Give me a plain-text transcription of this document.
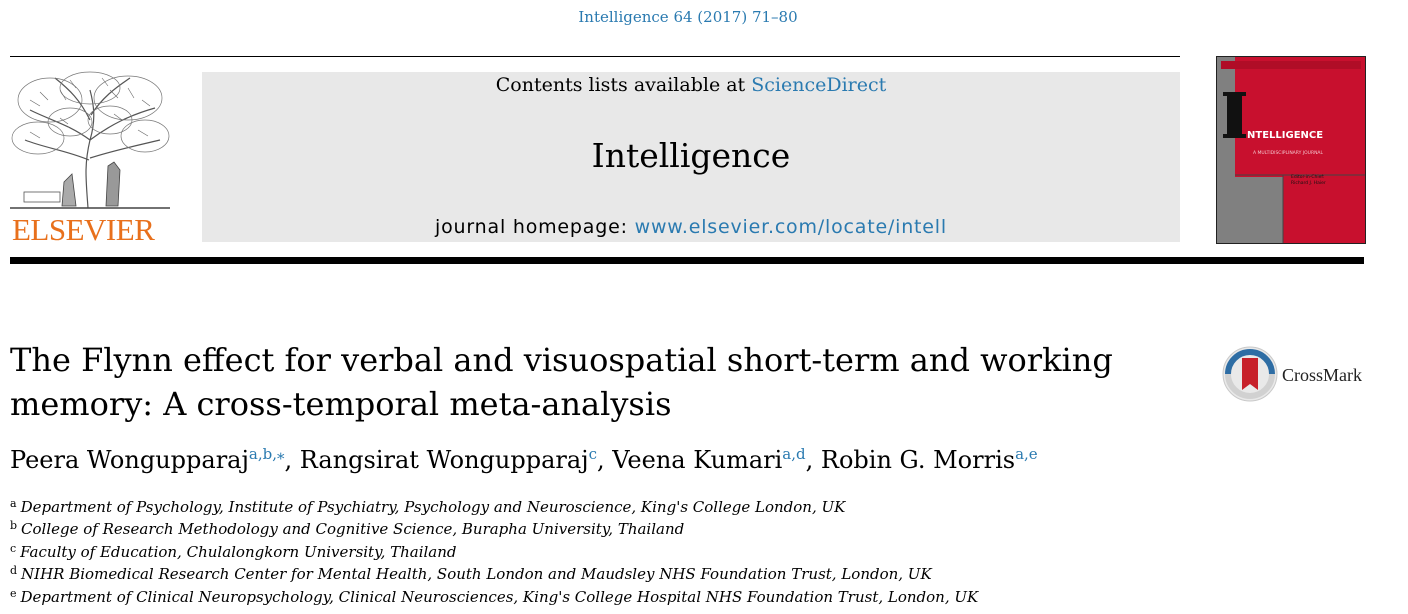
Intelligence 64 (2017) 71–80
ELSEVIER
Contents lists available at ScienceDirect
Intelligence
journal homepage: www.elsevier.com/locate/intell
NTELLIGENCE
A MULTIDISCIPLINARY JOURNAL
Editor-in-Chief:
Richard J. Haier
The Flynn effect for verbal and visuospatial short-term and working
memory: A cross-temporal meta-analysis
CrossMark
Peera Wongupparaj$^{a,b,⁎}$, Rangsirat Wongupparaj$^c$, Veena Kumari$^{a,d}$, Robin G. Morris$^{a,e}$
$^a$ Department of Psychology, Institute of Psychiatry, Psychology and Neuroscience, King's College London, UK
$^b$ College of Research Methodology and Cognitive Science, Burapha University, Thailand
$^c$ Faculty of Education, Chulalongkorn University, Thailand
$^d$ NIHR Biomedical Research Center for Mental Health, South London and Maudsley NHS Foundation Trust, London, UK
$^e$ Department of Clinical Neuropsychology, Clinical Neurosciences, King's College Hospital NHS Foundation Trust, London, UK
